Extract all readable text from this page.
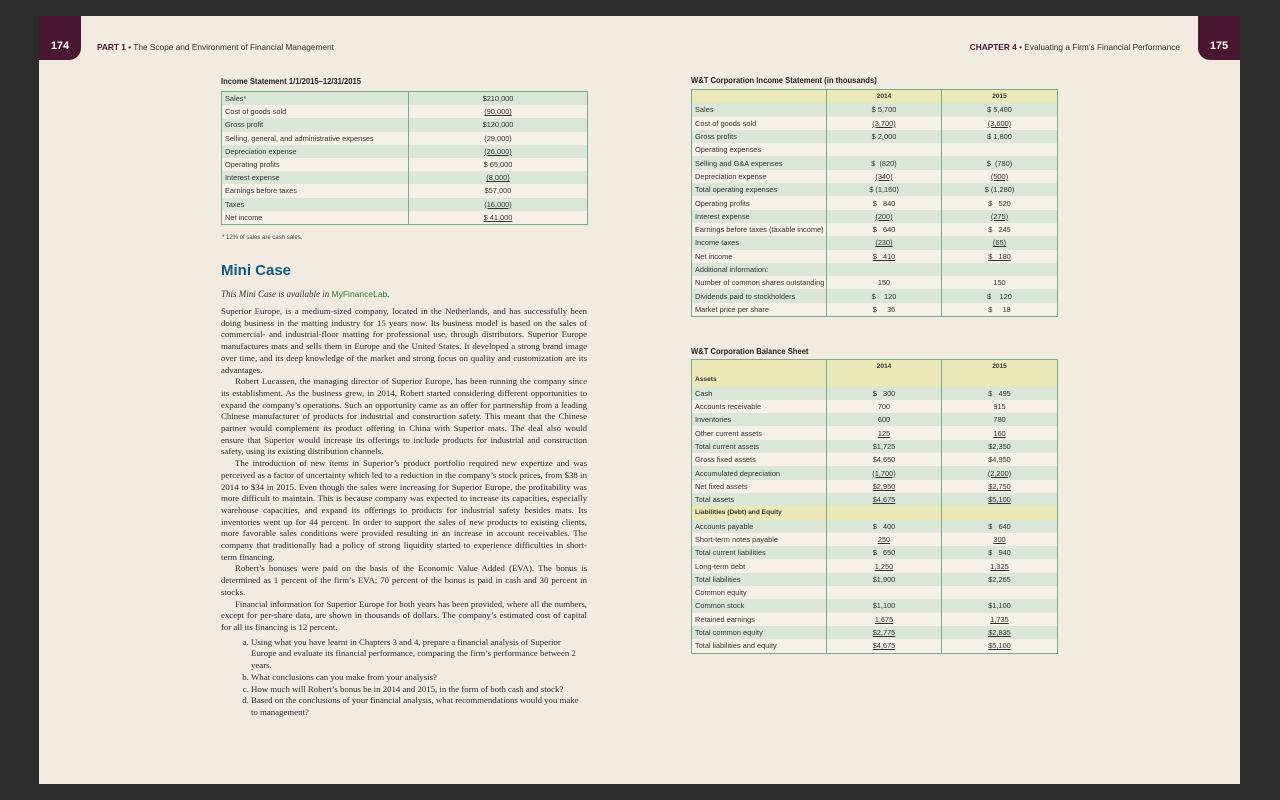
174	PART 1 • The Scope and Environment of Financial Management	CHAPTER 4 • Evaluating a Firm’s Financial Performance	175
Income Statement 1/1/2015–12/31/2015
Sales*	$210,000
Cost of goods sold	(90,000)
Gross profit	$120,000
Selling, general, and administrative expenses	(29,000)
Depreciation expense	(26,000)
Operating profits	$ 65,000
Interest expense	(8,000)
Earnings before taxes	$57,000
Taxes	(16,000)
Net income	$ 41,000
* 12% of sales are cash sales.
Mini Case
This Mini Case is available in MyFinanceLab.

Superior Europe, is a medium-sized company, located in the Netherlands, and has successfully been doing business in the matting industry for 15 years now. Its business model is based on the sales of commercial- and industrial-floor matting for professional use, through distributors. Superior Europe manufactures mats and sells them in Europe and the United States. It developed a strong brand image over time, and its deep knowledge of the market and strong focus on quality and customization are its advantages.

Robert Lucassen, the managing director of Superior Europe, has been running the company since its establishment. As the business grew, in 2014, Robert started considering different opportunities to expand the company’s operations. Such an opportunity came as an offer for partnership from a leading Chinese manufacturer of products for industrial and construction safety. This meant that the Chinese partner would complement its product offering in China with Superior mats. The deal also would ensure that Superior would increase its offerings to include products for industrial and construction safety, using its existing distribution channels.

The introduction of new items in Superior’s product portfolio required new expertize and was perceived as a factor of uncertainty which led to a reduction in the company’s stock prices, from $38 in 2014 to $34 in 2015. Even though the sales were increasing for Superior Europe, the profitability was more difficult to maintain. This is because company was expected to increase its capacities, especially warehouse capacities, and expand its offerings to products for industrial safety besides mats. Its inventories went up for 44 percent. In order to support the sales of new products to existing clients, more favorable sales conditions were provided resulting in an increase in account receivables. The company that traditionally had a policy of strong liquidity started to experience difficulties in short-term financing.

Robert’s bonuses were paid on the basis of the Economic Value Added (EVA). The bonus is determined as 1 percent of the firm’s EVA; 70 percent of the bonus is paid in cash and 30 percent in stocks.

Financial information for Superior Europe for both years has been provided, where all the numbers, except for per-share data, are shown in thousands of dollars. The company’s estimated cost of capital for all its financing is 12 percent.

a. Using what you have learnt in Chapters 3 and 4, prepare a financial analysis of Superior Europe and evaluate its financial performance, comparing the firm’s performance between 2 years.
b. What conclusions can you make from your analysis?
c. How much will Robert’s bonus be in 2014 and 2015, in the form of both cash and stock?
d. Based on the conclusions of your financial analysis, what recommendations would you make to management?
W&T Corporation Income Statement (in thousands)
	2014	2015
Sales	$ 5,700	$ 5,400
Cost of goods sold	(3,700)	(3,600)
Gross profits	$ 2,000	$ 1,800
Operating expenses		
Selling and G&A expenses	$  (820)	$  (780)
Depreciation expense	(340)	(500)
Total operating expenses	$ (1,160)	$ (1,280)
Operating profits	$   840	$   520
Interest expense	(200)	(275)
Earnings before taxes (taxable income)	$   640	$   245
Income taxes	(230)	(65)
Net income	$   410	$   180
Additional information:		
Number of common shares outstanding	150	150
Dividends paid to stockholders	$    120	$    120
Market price per share	$     36	$     18
W&T Corporation Balance Sheet
	2014	2015
Assets		
Cash	$   300	$   495
Accounts receivable	700	915
Inventories	600	780
Other current assets	125	160
Total current assets	$1,725	$2,350
Gross fixed assets	$4,650	$4,950
Accumulated depreciation	(1,700)	(2,200)
Net fixed assets	$2,950	$2,750
Total assets	$4,675	$5,100
Liabilities (Debt) and Equity		
Accounts payable	$   400	$   640
Short-term notes payable	250	300
Total current liabilities	$   650	$   940
Long-term debt	1,250	1,325
Total liabilities	$1,900	$2,265
Common equity		
Common stock	$1,100	$1,100
Retained earnings	1,675	1,735
Total common equity	$2,775	$2,835
Total liabilities and equity	$4,675	$5,100
